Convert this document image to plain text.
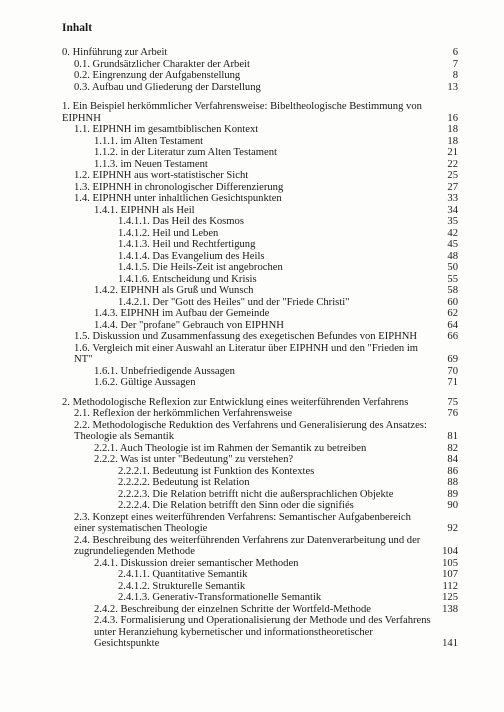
Inhalt
0. Hinführung zur Arbeit	6
0.1. Grundsätzlicher Charakter der Arbeit	7
0.2. Eingrenzung der Aufgabenstellung	8
0.3. Aufbau und Gliederung der Darstellung	13
1. Ein Beispiel herkömmlicher Verfahrensweise: Bibeltheologische Bestimmung von EIPHNH	16
1.1. EIPHNH im gesamtbiblischen Kontext	18
1.1.1. im Alten Testament	18
1.1.2. in der Literatur zum Alten Testament	21
1.1.3. im Neuen Testament	22
1.2. EIPHNH aus wort-statistischer Sicht	25
1.3. EIPHNH in chronologischer Differenzierung	27
1.4. EIPHNH unter inhaltlichen Gesichtspunkten	33
1.4.1. EIPHNH als Heil	34
1.4.1.1. Das Heil des Kosmos	35
1.4.1.2. Heil und Leben	42
1.4.1.3. Heil und Rechtfertigung	45
1.4.1.4. Das Evangelium des Heils	48
1.4.1.5. Die Heils-Zeit ist angebrochen	50
1.4.1.6. Entscheidung und Krisis	55
1.4.2. EIPHNH als Gruß und Wunsch	58
1.4.2.1. Der "Gott des Heiles" und der "Friede Christi"	60
1.4.3. EIPHNH im Aufbau der Gemeinde	62
1.4.4. Der "profane" Gebrauch von EIPHNH	64
1.5. Diskussion und Zusammenfassung des exegetischen Befundes von EIPHNH	66
1.6. Vergleich mit einer Auswahl an Literatur über EIPHNH und den "Frieden im NT"	69
1.6.1. Unbefriedigende Aussagen	70
1.6.2. Gültige Aussagen	71
2. Methodologische Reflexion zur Entwicklung eines weiterführenden Verfahrens	75
2.1. Reflexion der herkömmlichen Verfahrensweise	76
2.2. Methodologische Reduktion des Verfahrens und Generalisierung des Ansatzes: Theologie als Semantik	81
2.2.1. Auch Theologie ist im Rahmen der Semantik zu betreiben	82
2.2.2. Was ist unter "Bedeutung" zu verstehen?	84
2.2.2.1. Bedeutung ist Funktion des Kontextes	86
2.2.2.2. Bedeutung ist Relation	88
2.2.2.3. Die Relation betrifft nicht die außersprachlichen Objekte	89
2.2.2.4. Die Relation betrifft den Sinn oder die signifiés	90
2.3. Konzept eines weiterführenden Verfahrens: Semantischer Aufgabenbereich einer systematischen Theologie	92
2.4. Beschreibung des weiterführenden Verfahrens zur Datenverarbeitung und der zugrundeliegenden Methode	104
2.4.1. Diskussion dreier semantischer Methoden	105
2.4.1.1. Quantitative Semantik	107
2.4.1.2. Strukturelle Semantik	112
2.4.1.3. Generativ-Transformationelle Semantik	125
2.4.2. Beschreibung der einzelnen Schritte der Wortfeld-Methode	138
2.4.3. Formalisierung und Operationalisierung der Methode und des Verfahrens unter Heranziehung kybernetischer und informationstheoretischer Gesichtspunkte	141
